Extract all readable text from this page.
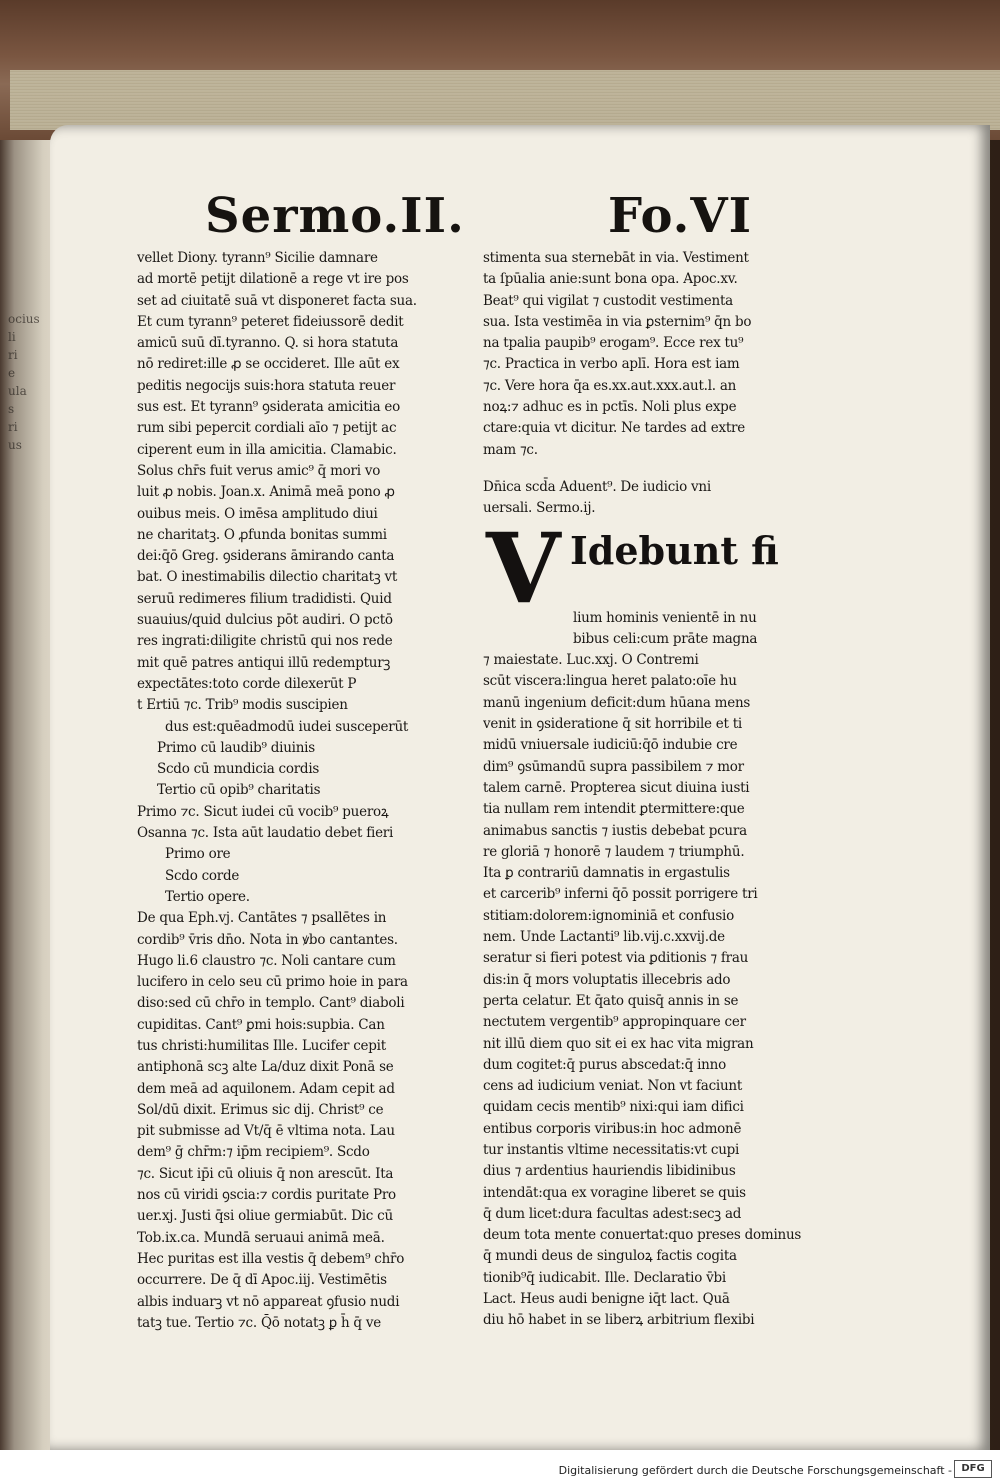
ocius
li
ri
e
ula
s
ri
us
Sermo.II.	Fo.VI
vellet Diony. tyrann⁹ Sicilie damnare
ad mortē petijt dilationē a rege vt ire pos
set ad ciuitatē suā vt disponeret facta sua.
Et cum tyrann⁹ peteret fideiussorē dedit
amicū suū dī.tyranno. Q. si hora statuta
nō rediret:ille ꝓ se occideret. Ille aūt ex
peditis negocijs suis:hora statuta reuer
sus est. Et tyrann⁹ ꝯsiderata amicitia eo
rum sibi pepercit cordiali aīo ⁊ petijt ac
ciperent eum in illa amicitia. Clamabic.
Solus chr̄s fuit verus amic⁹ q̄ mori vo
luit ꝓ nobis. Joan.x. Animā meā pono ꝓ
ouibus meis. O imēsa amplitudo diui
ne charitatꝫ. O ꝓfunda bonitas summi
dei:q̄ō Greg. ꝯsiderans āmirando canta
bat. O inestimabilis dilectio charitatꝫ vt
seruū redimeres filium tradidisti. Quid
suauius/quid dulcius pōt audiri. O pctō
res ingrati:diligite christū qui nos rede
mit quē patres antiqui illū redempturꝫ
expectātes:toto corde dilexerūt P
t Ertiū ⁊c. Trib⁹ modis suscipien
dus est:quēadmodū iudei susceperūt
Primo cū laudib⁹ diuinis
Scdo cū mundicia cordis
Tertio cū opib⁹ charitatis
Primo ⁊c. Sicut iudei cū vocib⁹ pueroꝝ
Osanna ⁊c. Ista aūt laudatio debet fieri
Primo ore
Scdo corde
Tertio opere.
De qua Eph.vj. Cantātes ⁊ psallētes in
cordib⁹ v̄ris dn̄o. Nota in ꝟbo cantantes.
Hugo li.6 claustro ⁊c. Noli cantare cum
lucifero in celo seu cū primo hoie in para
diso:sed cū chr̄o in templo. Cant⁹ diaboli
cupiditas. Cant⁹ ꝑmi hois:supbia. Can
tus christi:humilitas Ille. Lucifer cepit
antiphonā scꝫ alte La/duz dixit Ponā se
dem meā ad aquilonem. Adam cepit ad
Sol/dū dixit. Erimus sic dij. Christ⁹ ce
pit submisse ad Vt/q̄ ē vltima nota. Lau
dem⁹ ḡ chr̄m:⁊ ip̄m recipiem⁹. Scdo
⁊c. Sicut ip̄i cū oliuis q̄ non arescūt. Ita
nos cū viridi ꝯscia:⁊ cordis puritate Pro
uer.xj. Justi q̄si oliue germiabūt. Dic cū
Tob.ix.ca. Mundā seruaui animā meā.
Hec puritas est illa vestis q̄ debem⁹ chr̄o
occurrere. De q̄ dī Apoc.iij. Vestimētis
albis induarꝫ vt nō appareat ꝯfusio nudi
tatꝫ tue. Tertio ⁊c. Q̄ō notatꝫ ꝑ h̄ q̄ ve
stimenta sua sternebāt in via. Vestiment
ta ſpūalia anie:sunt bona opa. Apoc.xv.
Beat⁹ qui vigilat ⁊ custodit vestimenta
sua. Ista vestimēa in via ꝑsternim⁹ q̄n bo
na tpalia paupib⁹ erogam⁹. Ecce rex tu⁹
⁊c. Practica in verbo aplī. Hora est iam
⁊c. Vere hora q̄a es.xx.aut.xxx.aut.l. an
noꝝ:⁊ adhuc es in pctīs. Noli plus expe
ctare:quia vt dicitur. Ne tardes ad extre
mam ⁊c.
Dn̄ica scd̄a Aduent⁹. De iudicio vni
uersali. Sermo.ij.
lium hominis venientē in nu
bibus celi:cum prāte magna
⁊ maiestate. Luc.xxj. O Contremi
scūt viscera:lingua heret palato:oīe hu
manū ingenium deficit:dum hūana mens
venit in ꝯsideratione q̄ sit horribile et ti
midū vniuersale iudiciū:q̄ō indubie cre
dim⁹ ꝯsūmandū supra passibilem ⁊ mor
talem carnē. Propterea sicut diuina iusti
tia nullam rem intendit ꝑtermittere:que
animabus sanctis ⁊ iustis debebat pcura
re gloriā ⁊ honorē ⁊ laudem ⁊ triumphū.
Ita ꝑ contrariū damnatis in ergastulis
et carcerib⁹ inferni q̄ō possit porrigere tri
stitiam:dolorem:ignominiā et confusio
nem. Unde Lactanti⁹ lib.vij.c.xxvij.de
seratur si fieri potest via ꝑditionis ⁊ frau
dis:in q̄ mors voluptatis illecebris ado
perta celatur. Et q̄ato quisq̄ annis in se
nectutem vergentib⁹ appropinquare cer
nit illū diem quo sit ei ex hac vita migran
dum cogitet:q̄ purus abscedat:q̄ inno
cens ad iudicium veniat. Non vt faciunt
quidam cecis mentib⁹ nixi:qui iam difici
entibus corporis viribus:in hoc admonē
tur instantis vltime necessitatis:vt cupi
dius ⁊ ardentius hauriendis libidinibus
intendāt:qua ex voragine liberet se quis
q̄ dum licet:dura facultas adest:secꝫ ad
deum tota mente conuertat:quo preses dominus
q̄ mundi deus de singuloꝝ factis cogita
tionib⁹q̄ iudicabit. Ille. Declaratio v̄bi
Lact. Heus audi benigne iq̄t lact. Quā
diu hō habet in se liberꝝ arbitrium flexibi
V Idebunt fi
Digitalisierung gefördert durch die Deutsche Forschungsgemeinschaft - DFG
